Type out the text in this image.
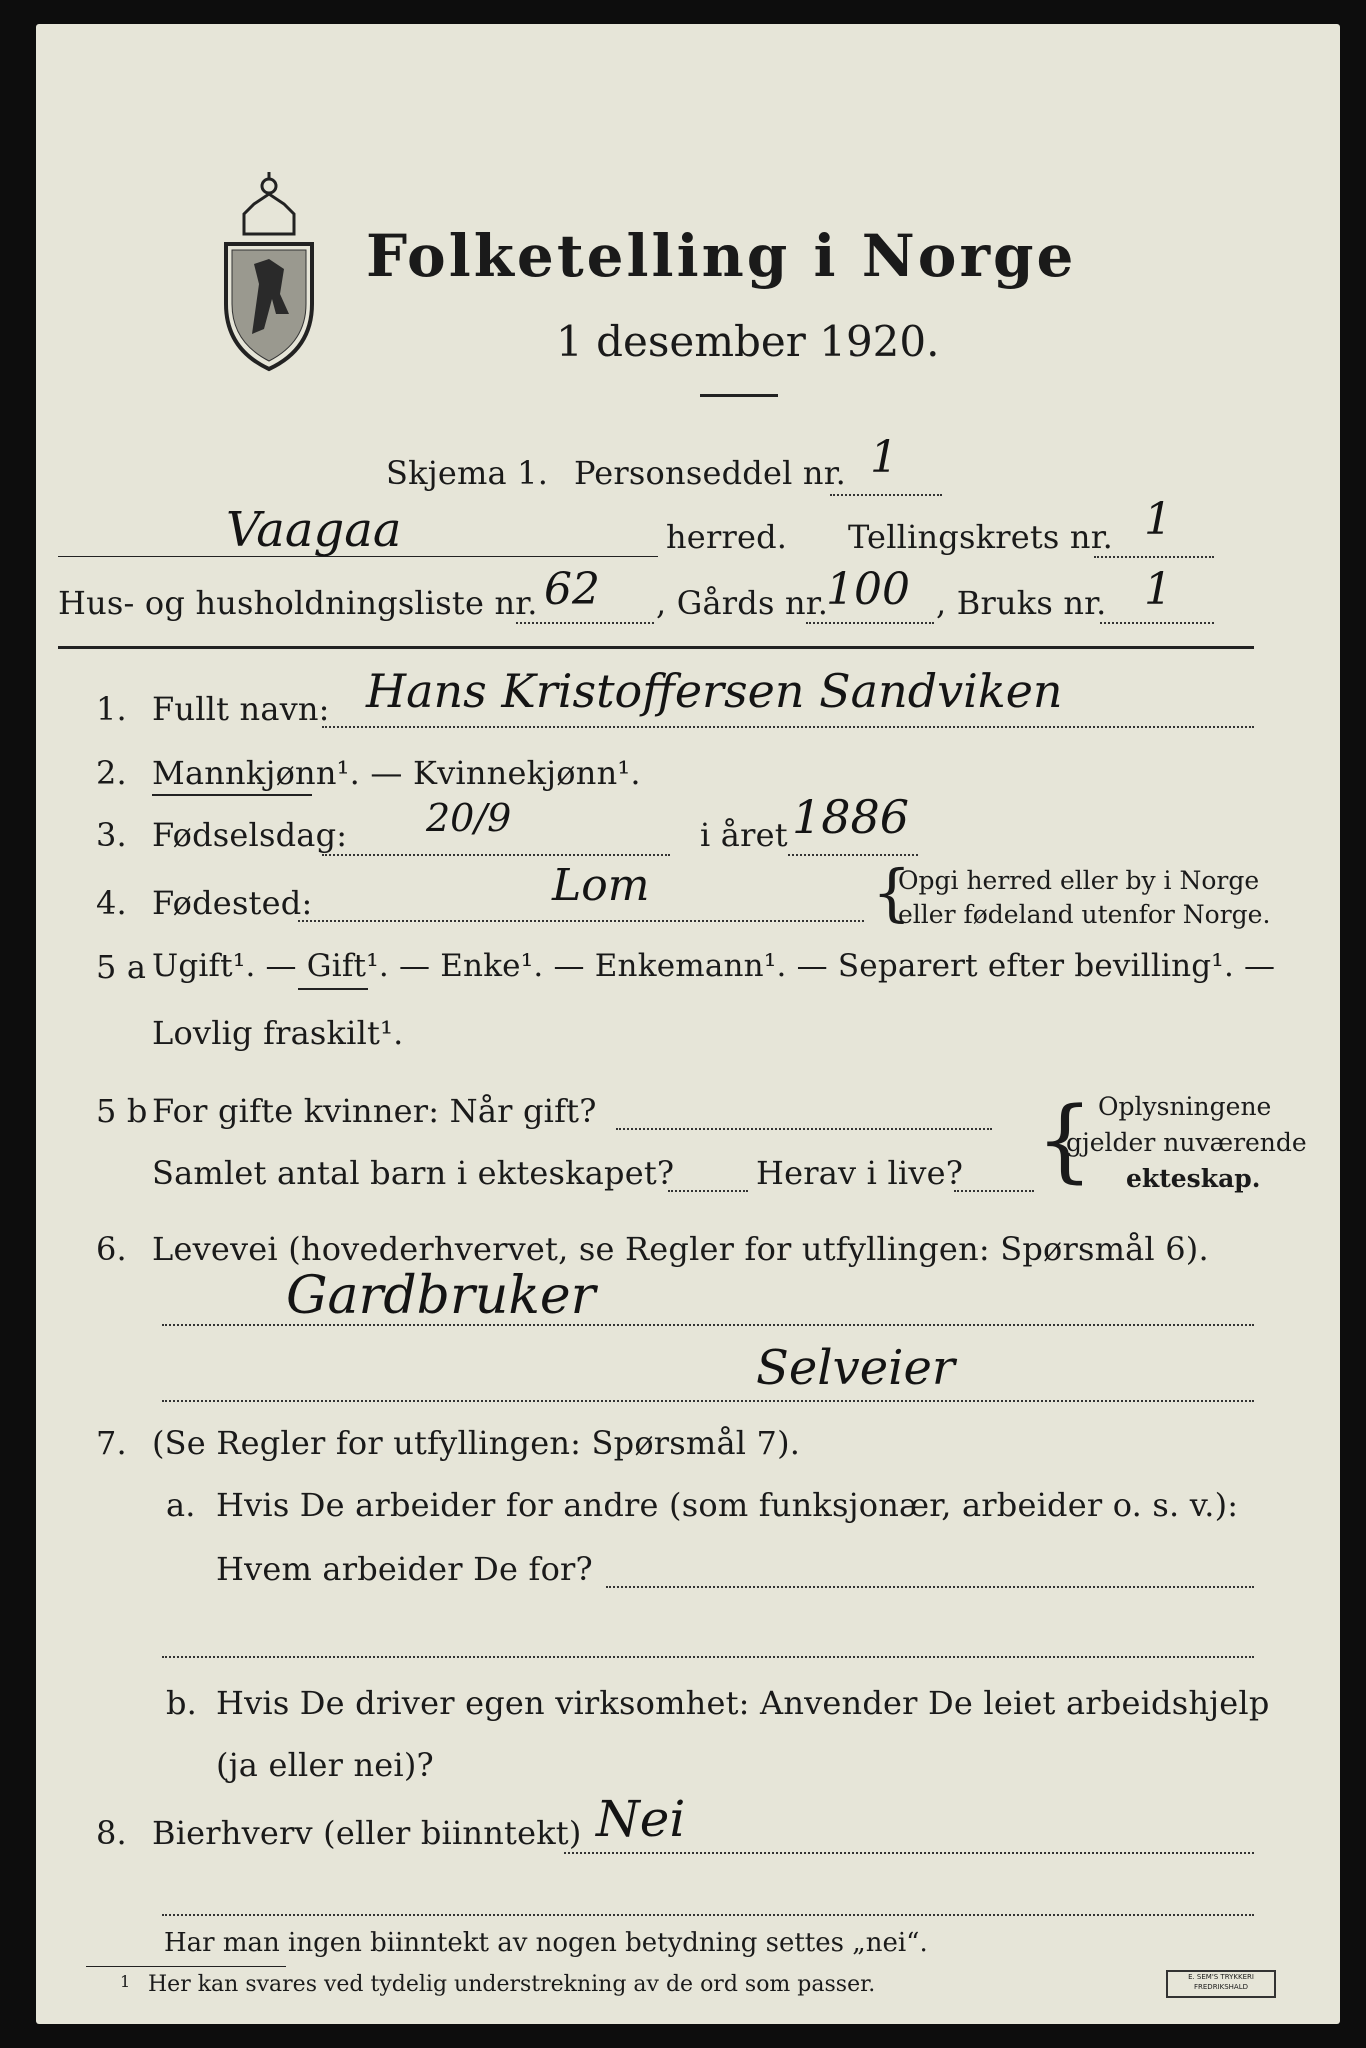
Folketelling i Norge
1 desember 1920.
Skjema 1. Personseddel nr. 1
Vaagaa	herred. Tellingskrets nr. 1
Hus- og husholdningsliste nr. 62 , Gårds nr.
100 , Bruks nr. 1
1. Fullt navn: Hans Kristoffersen Sandviken
2. Mannkjønn¹. — Kvinnekjønn¹.
3. Fødselsdag: 20/9	i året 1886
4. Fødested:	Lom	{
Opgi herred eller by i Norge
eller fødeland utenfor Norge.
5 a Ugift¹. — Gift¹. — Enke¹. — Enkemann¹. — Separert efter bevilling¹. —
Lovlig fraskilt¹.
5 b For gifte kvinner: Når gift?
Samlet antal barn i ekteskapet?	Herav i live? { Oplysningene
gjelder nuværende
ekteskap.
6. Levevei (hovederhvervet, se Regler for utfyllingen: Spørsmål 6).
Gardbruker
Selveier
7. (Se Regler for utfyllingen: Spørsmål 7).
a. Hvis De arbeider for andre (som funksjonær, arbeider o. s. v.):
Hvem arbeider De for?
b. Hvis De driver egen virksomhet: Anvender De leiet arbeidshjelp
(ja eller nei)?
8. Bierhverv (eller biinntekt) Nei
Har man ingen biinntekt av nogen betydning settes „nei“.
1 Her kan svares ved tydelig understrekning av de ord som passer.	E. SEM'S TRYKKERI
FREDRIKSHALD
